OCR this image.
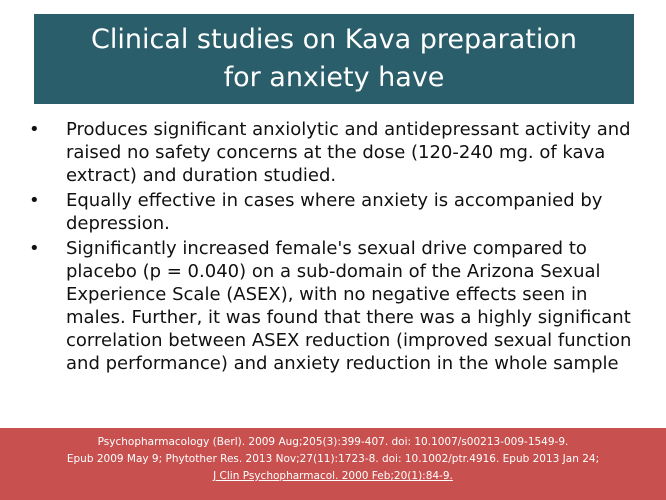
Clinical studies on Kava preparation
for anxiety have
• Produces significant anxiolytic and antidepressant activity and raised no safety concerns at the dose (120-240 mg. of kava extract) and duration studied.
• Equally effective in cases where anxiety is accompanied by depression.
• Significantly increased female's sexual drive compared to placebo (p = 0.040) on a sub-domain of the Arizona Sexual Experience Scale (ASEX), with no negative effects seen in males. Further, it was found that there was a highly significant correlation between ASEX reduction (improved sexual function and performance) and anxiety reduction in the whole sample
Psychopharmacology (Berl). 2009 Aug;205(3):399-407. doi: 10.1007/s00213-009-1549-9.
Epub 2009 May 9; Phytother Res. 2013 Nov;27(11):1723-8. doi: 10.1002/ptr.4916. Epub 2013 Jan 24;
J Clin Psychopharmacol. 2000 Feb;20(1):84-9.
